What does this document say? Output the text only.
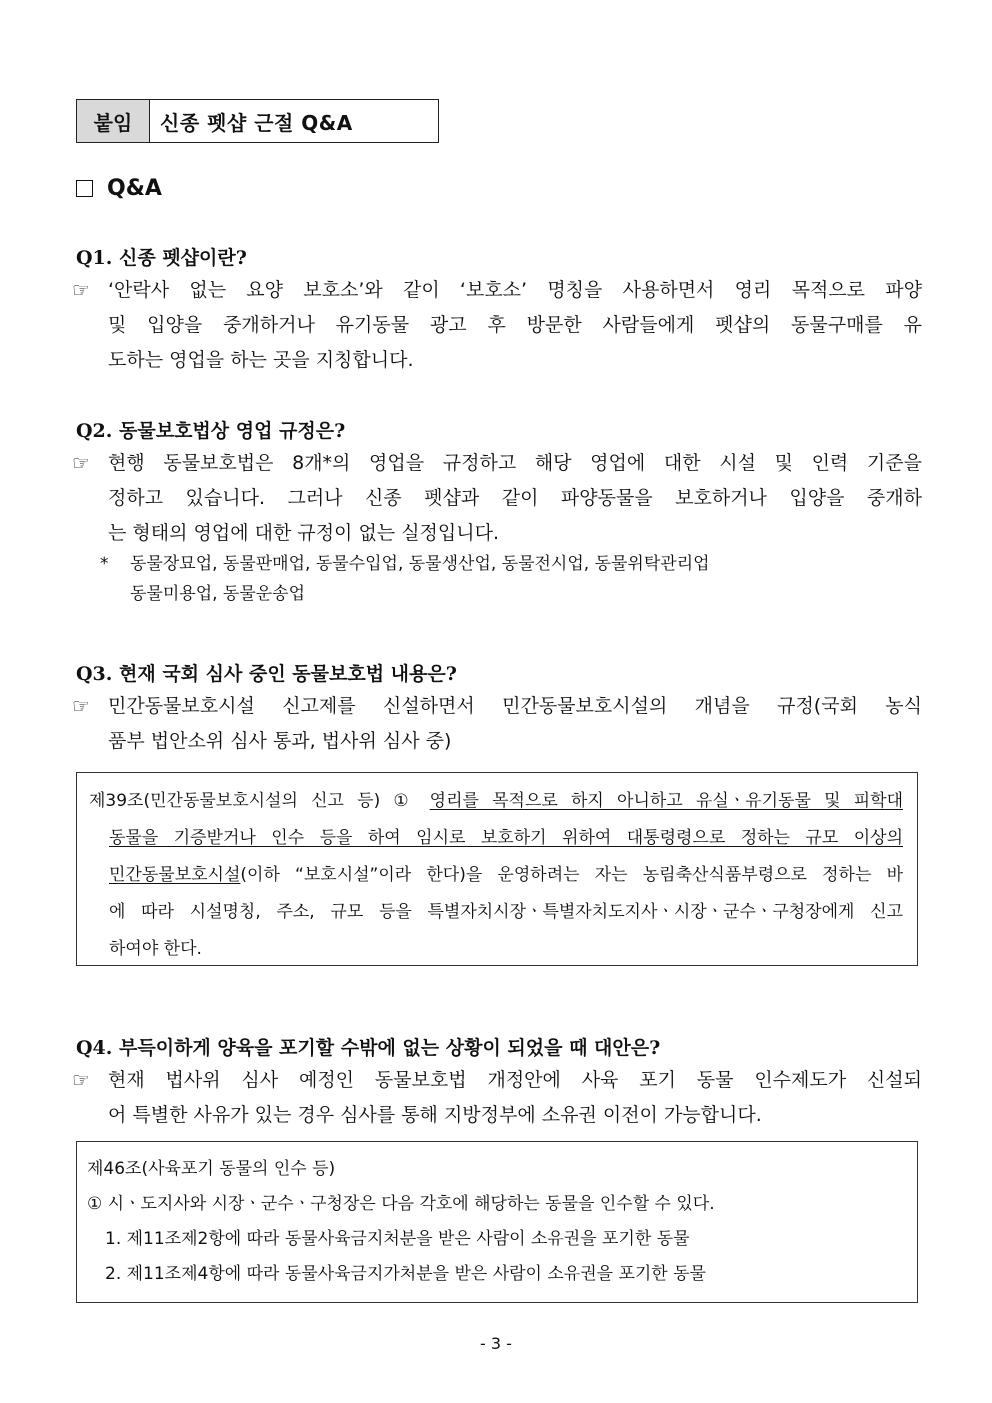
붙임	신종 펫샵 근절 Q&A
Q&A
Q1. 신종 펫샵이란?
☞ ‘안락사 없는 요양 보호소’와 같이 ‘보호소’ 명칭을 사용하면서 영리 목적으로 파양
및 입양을 중개하거나 유기동물 광고 후 방문한 사람들에게 펫샵의 동물구매를 유
도하는 영업을 하는 곳을 지칭합니다.
Q2. 동물보호법상 영업 규정은?
☞ 현행 동물보호법은 8개*의 영업을 규정하고 해당 영업에 대한 시설 및 인력 기준을
정하고 있습니다. 그러나 신종 펫샵과 같이 파양동물을 보호하거나 입양을 중개하
는 형태의 영업에 대한 규정이 없는 실정입니다.
* 동물장묘업, 동물판매업, 동물수입업, 동물생산업, 동물전시업, 동물위탁관리업
동물미용업, 동물운송업
Q3. 현재 국회 심사 중인 동물보호법 내용은?
☞ 민간동물보호시설 신고제를 신설하면서 민간동물보호시설의 개념을 규정(국회 농식
품부 법안소위 심사 통과, 법사위 심사 중)
제39조(민간동물보호시설의 신고 등) ① 영리를 목적으로 하지 아니하고 유실ㆍ유기동물 및 피학대
동물을 기증받거나 인수 등을 하여 임시로 보호하기 위하여 대통령령으로 정하는 규모 이상의
민간동물보호시설(이하 “보호시설”이라 한다)을 운영하려는 자는 농림축산식품부령으로 정하는 바
에 따라 시설명칭, 주소, 규모 등을 특별자치시장ㆍ특별자치도지사ㆍ시장ㆍ군수ㆍ구청장에게 신고
하여야 한다.
Q4. 부득이하게 양육을 포기할 수밖에 없는 상황이 되었을 때 대안은?
☞ 현재 법사위 심사 예정인 동물보호법 개정안에 사육 포기 동물 인수제도가 신설되
어 특별한 사유가 있는 경우 심사를 통해 지방정부에 소유권 이전이 가능합니다.
제46조(사육포기 동물의 인수 등)
① 시ㆍ도지사와 시장ㆍ군수ㆍ구청장은 다음 각호에 해당하는 동물을 인수할 수 있다.
1. 제11조제2항에 따라 동물사육금지처분을 받은 사람이 소유권을 포기한 동물
2. 제11조제4항에 따라 동물사육금지가처분을 받은 사람이 소유권을 포기한 동물
- 3 -
